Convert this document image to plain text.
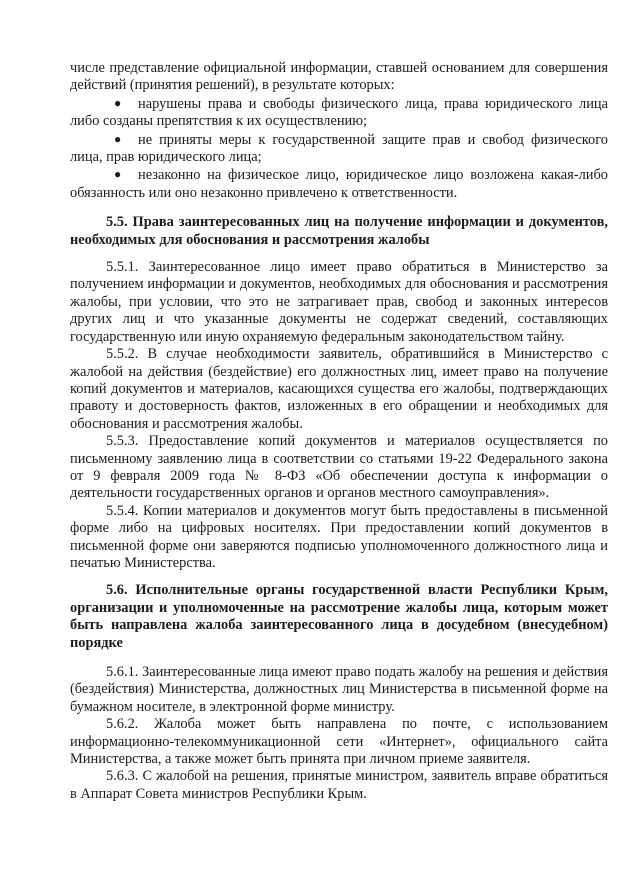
числе представление официальной информации, ставшей основанием для совершения действий (принятия решений), в результате которых:

● нарушены права и свободы физического лица, права юридического лица либо созданы препятствия к их осуществлению;

● не приняты меры к государственной защите прав и свобод физического лица, прав юридического лица;

● незаконно на физическое лицо, юридическое лицо возложена какая-либо обязанность или оно незаконно привлечено к ответственности.

5.5. Права заинтересованных лиц на получение информации и документов, необходимых для обоснования и рассмотрения жалобы

5.5.1. Заинтересованное лицо имеет право обратиться в Министерство за получением информации и документов, необходимых для обоснования и рассмотрения жалобы, при условии, что это не затрагивает прав, свобод и законных интересов других лиц и что указанные документы не содержат сведений, составляющих государственную или иную охраняемую федеральным законодательством тайну.

5.5.2. В случае необходимости заявитель, обратившийся в Министерство с жалобой на действия (бездействие) его должностных лиц, имеет право на получение копий документов и материалов, касающихся существа его жалобы, подтверждающих правоту и достоверность фактов, изложенных в его обращении и необходимых для обоснования и рассмотрения жалобы.

5.5.3. Предоставление копий документов и материалов осуществляется по письменному заявлению лица в соответствии со статьями 19-22 Федерального закона от 9 февраля 2009 года № 8-ФЗ «Об обеспечении доступа к информации о деятельности государственных органов и органов местного самоуправления».

5.5.4. Копии материалов и документов могут быть предоставлены в письменной форме либо на цифровых носителях. При предоставлении копий документов в письменной форме они заверяются подписью уполномоченного должностного лица и печатью Министерства.

5.6. Исполнительные органы государственной власти Республики Крым, организации и уполномоченные на рассмотрение жалобы лица, которым может быть направлена жалоба заинтересованного лица в досудебном (внесудебном) порядке

5.6.1. Заинтересованные лица имеют право подать жалобу на решения и действия (бездействия) Министерства, должностных лиц Министерства в письменной форме на бумажном носителе, в электронной форме министру.

5.6.2. Жалоба может быть направлена по почте, с использованием информационно-телекоммуникационной сети «Интернет», официального сайта Министерства, а также может быть принята при личном приеме заявителя.

5.6.3. С жалобой на решения, принятые министром, заявитель вправе обратиться в Аппарат Совета министров Республики Крым.
